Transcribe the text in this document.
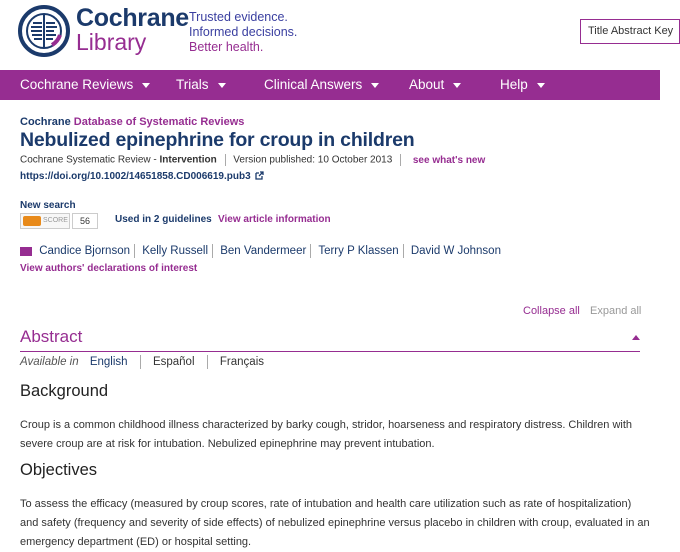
Cochrane
Library
Trusted evidence.
Informed decisions.
Better health.
Title Abstract Key
Cochrane Reviews	Trials	Clinical Answers	About	Help
Cochrane Database of Systematic Reviews
Nebulized epinephrine for croup in children
Cochrane Systematic Review - Intervention Version published: 10 October 2013 see what's new
https://doi.org/10.1002/14651858.CD006619.pub3
New search
SCORE	56	Used in 2 guidelines View article information
Candice Bjornson Kelly Russell Ben Vandermeer Terry P Klassen David W Johnson
View authors' declarations of interest
Collapse all Expand all
Abstract
Available in English Español Français
Background
Croup is a common childhood illness characterized by barky cough, stridor, hoarseness and respiratory distress. Children with severe croup are at risk for intubation. Nebulized epinephrine may prevent intubation.
Objectives
To assess the efficacy (measured by croup scores, rate of intubation and health care utilization such as rate of hospitalization) and safety (frequency and severity of side effects) of nebulized epinephrine versus placebo in children with croup, evaluated in an emergency department (ED) or hospital setting.
